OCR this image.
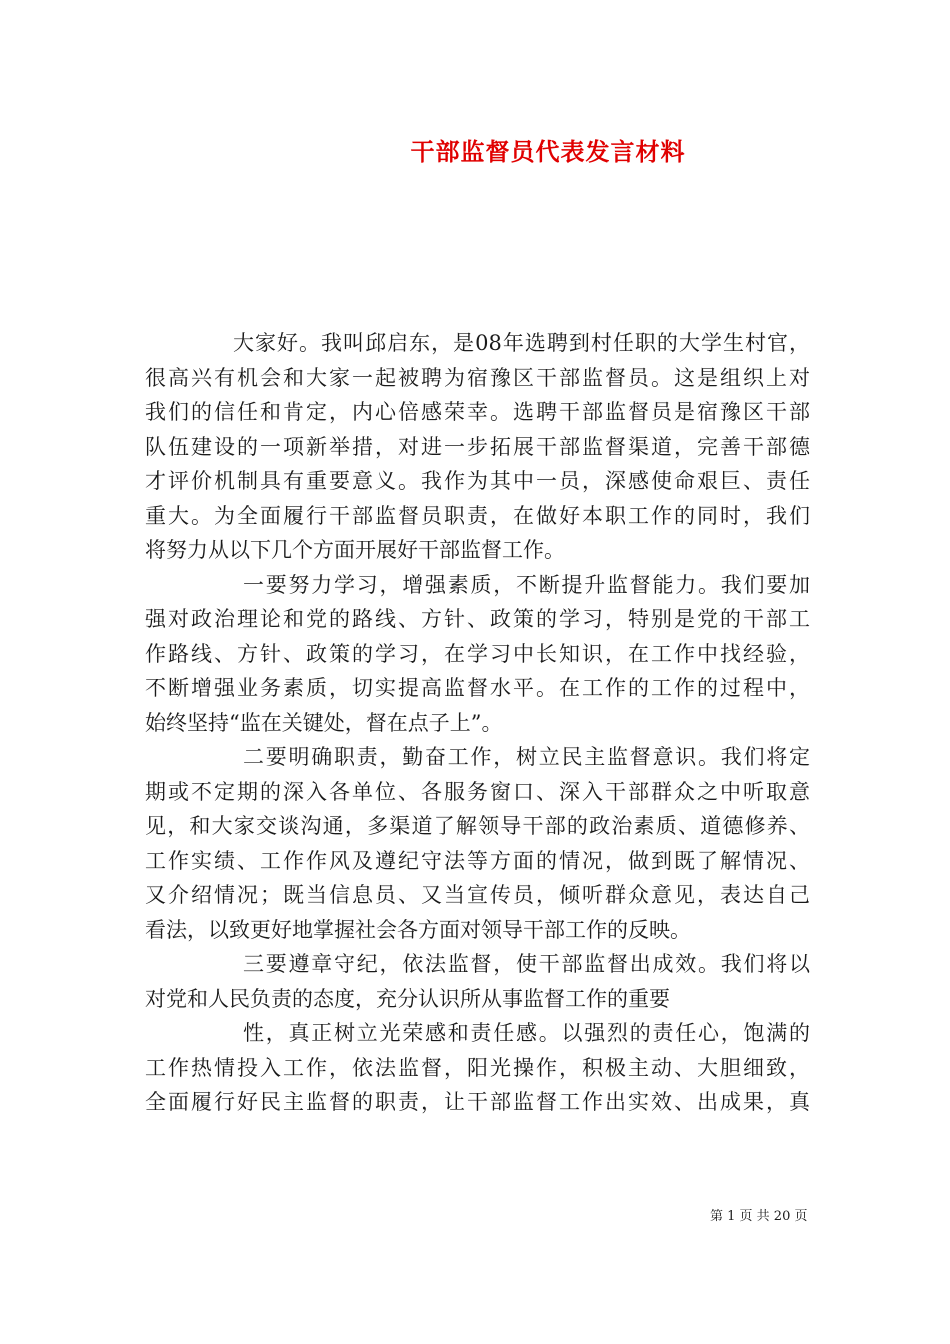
干部监督员代表发言材料
大家好。我叫邱启东，是08年选聘到村任职的大学生村官，
很高兴有机会和大家一起被聘为宿豫区干部监督员。这是组织上对
我们的信任和肯定，内心倍感荣幸。选聘干部监督员是宿豫区干部
队伍建设的一项新举措，对进一步拓展干部监督渠道，完善干部德
才评价机制具有重要意义。我作为其中一员，深感使命艰巨、责任
重大。为全面履行干部监督员职责，在做好本职工作的同时，我们
将努力从以下几个方面开展好干部监督工作。
一要努力学习，增强素质，不断提升监督能力。我们要加
强对政治理论和党的路线、方针、政策的学习，特别是党的干部工
作路线、方针、政策的学习，在学习中长知识，在工作中找经验，
不断增强业务素质，切实提高监督水平。在工作的工作的过程中，
始终坚持“监在关键处，督在点子上”。
二要明确职责，勤奋工作，树立民主监督意识。我们将定
期或不定期的深入各单位、各服务窗口、深入干部群众之中听取意
见，和大家交谈沟通，多渠道了解领导干部的政治素质、道德修养、
工作实绩、工作作风及遵纪守法等方面的情况，做到既了解情况、
又介绍情况；既当信息员、又当宣传员，倾听群众意见，表达自己
看法，以致更好地掌握社会各方面对领导干部工作的反映。
三要遵章守纪，依法监督，使干部监督出成效。我们将以
对党和人民负责的态度，充分认识所从事监督工作的重要
性，真正树立光荣感和责任感。以强烈的责任心，饱满的
工作热情投入工作，依法监督，阳光操作，积极主动、大胆细致，
全面履行好民主监督的职责，让干部监督工作出实效、出成果，真
第 1 页 共 20 页
